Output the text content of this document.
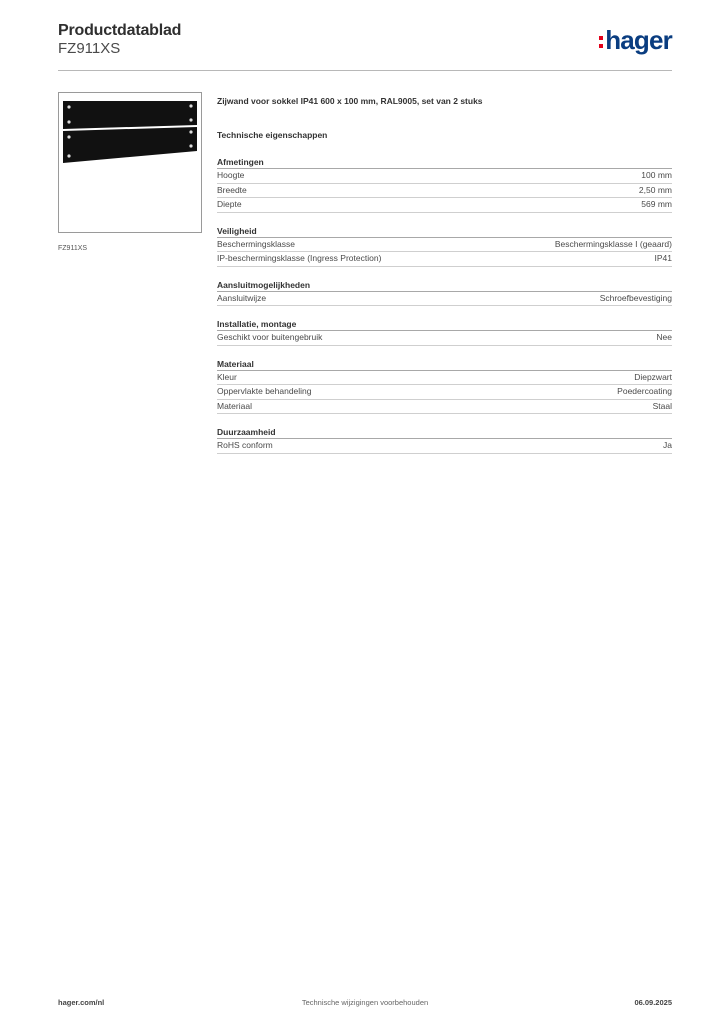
Productdatablad
FZ911XS	hager
FZ911XS
Zijwand voor sokkel IP41 600 x 100 mm, RAL9005, set van 2 stuks
Technische eigenschappen
Afmetingen
Hoogte	100 mm
Breedte	2,50 mm
Diepte	569 mm
Veiligheid
Beschermingsklasse	Beschermingsklasse I (geaard)
IP-beschermingsklasse (Ingress Protection)	IP41
Aansluitmogelijkheden
Aansluitwijze	Schroefbevestiging
Installatie, montage
Geschikt voor buitengebruik	Nee
Materiaal
Kleur	Diepzwart
Oppervlakte behandeling	Poedercoating
Materiaal	Staal
Duurzaamheid
RoHS conform	Ja
hager.com/nl	Technische wijzigingen voorbehouden	06.09.2025
